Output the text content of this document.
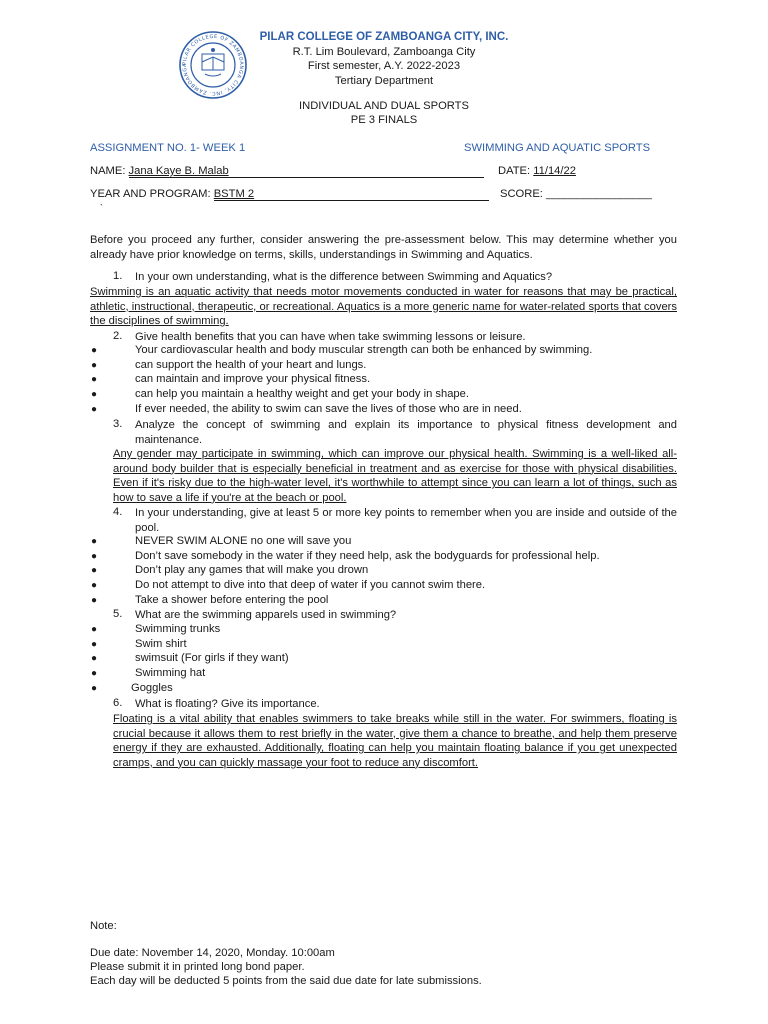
PILAR COLLEGE OF ZAMBOANGA CITY, INC. ZAMBOANGA
PILAR COLLEGE OF ZAMBOANGA CITY, INC.
R.T. Lim Boulevard, Zamboanga City
First semester, A.Y. 2022-2023
Tertiary Department
INDIVIDUAL AND DUAL SPORTS
PE 3 FINALS
ASSIGNMENT NO. 1- WEEK 1	SWIMMING AND AQUATIC SPORTS
NAME: Jana Kaye B. Malab	DATE: 11/14/22
YEAR AND PROGRAM: BSTM 2	SCORE: _________________
`
Before you proceed any further, consider answering the pre-assessment below. This may determine whether you already have prior knowledge on terms, skills, understandings in Swimming and Aquatics.
1. In your own understanding, what is the difference between Swimming and Aquatics?
Swimming is an aquatic activity that needs motor movements conducted in water for reasons that may be practical, athletic, instructional, therapeutic, or recreational. Aquatics is a more generic name for water-related sports that covers the disciplines of swimming.
2. Give health benefits that you can have when take swimming lessons or leisure.
●	Your cardiovascular health and body muscular strength can both be enhanced by swimming.
●	can support the health of your heart and lungs.
●	can maintain and improve your physical fitness.
●	can help you maintain a healthy weight and get your body in shape.
●	If ever needed, the ability to swim can save the lives of those who are in need.
3. Analyze the concept of swimming and explain its importance to physical fitness development and maintenance.
Any gender may participate in swimming, which can improve our physical health. Swimming is a well-liked all-around body builder that is especially beneficial in treatment and as exercise for those with physical disabilities. Even if it's risky due to the high-water level, it's worthwhile to attempt since you can learn a lot of things, such as how to save a life if you're at the beach or pool.
4. In your understanding, give at least 5 or more key points to remember when you are inside and outside of the pool.
●	NEVER SWIM ALONE no one will save you
●	Don’t save somebody in the water if they need help, ask the bodyguards for professional help.
●	Don’t play any games that will make you drown
●	Do not attempt to dive into that deep of water if you cannot swim there.
●	Take a shower before entering the pool
5. What are the swimming apparels used in swimming?
●	Swimming trunks
●	Swim shirt
●	swimsuit (For girls if they want)
●	Swimming hat
●	Goggles
6. What is floating? Give its importance.
Floating is a vital ability that enables swimmers to take breaks while still in the water. For swimmers, floating is crucial because it allows them to rest briefly in the water, give them a chance to breathe, and help them preserve energy if they are exhausted. Additionally, floating can help you maintain floating balance if you get unexpected cramps, and you can quickly massage your foot to reduce any discomfort.
Note:
Due date: November 14, 2020, Monday. 10:00am
Please submit it in printed long bond paper.
Each day will be deducted 5 points from the said due date for late submissions.
